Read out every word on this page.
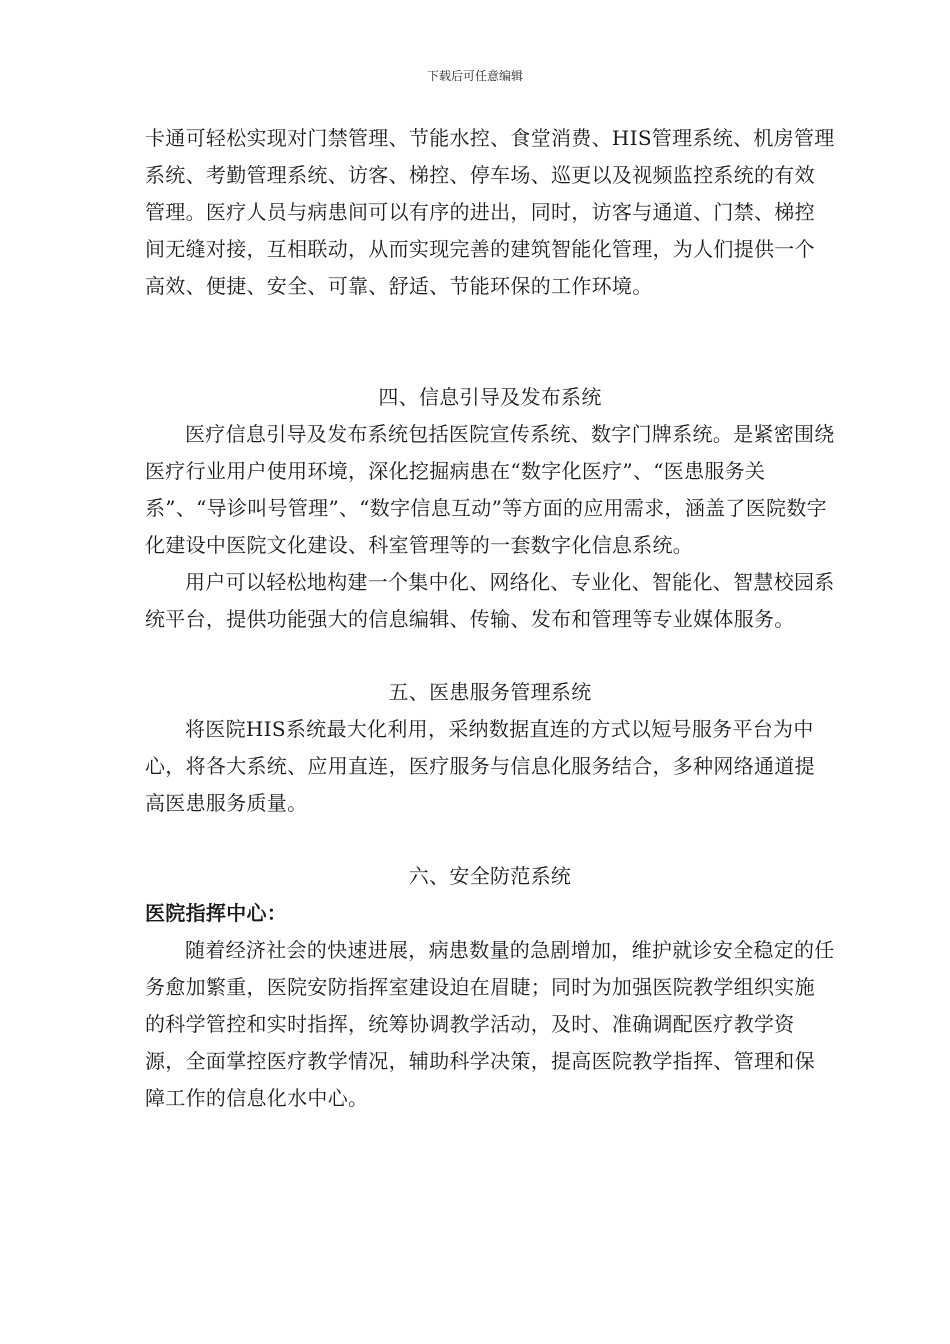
下载后可任意编辑

卡通可轻松实现对门禁管理、节能水控、食堂消费、HIS管理系统、机房管理系统、考勤管理系统、访客、梯控、停车场、巡更以及视频监控系统的有效管理。医疗人员与病患间可以有序的进出，同时，访客与通道、门禁、梯控间无缝对接，互相联动，从而实现完善的建筑智能化管理，为人们提供一个高效、便捷、安全、可靠、舒适、节能环保的工作环境。

四、信息引导及发布系统

医疗信息引导及发布系统包括医院宣传系统、数字门牌系统。是紧密围绕医疗行业用户使用环境，深化挖掘病患在“数字化医疗”、“医患服务关系”、“导诊叫号管理”、“数字信息互动”等方面的应用需求，涵盖了医院数字化建设中医院文化建设、科室管理等的一套数字化信息系统。

用户可以轻松地构建一个集中化、网络化、专业化、智能化、智慧校园系统平台，提供功能强大的信息编辑、传输、发布和管理等专业媒体服务。

五、医患服务管理系统

将医院HIS系统最大化利用，采纳数据直连的方式以短号服务平台为中心，将各大系统、应用直连，医疗服务与信息化服务结合，多种网络通道提高医患服务质量。

六、安全防范系统

医院指挥中心：

随着经济社会的快速进展，病患数量的急剧增加，维护就诊安全稳定的任务愈加繁重，医院安防指挥室建设迫在眉睫；同时为加强医院教学组织实施的科学管控和实时指挥，统筹协调教学活动，及时、准确调配医疗教学资源，全面掌控医疗教学情况，辅助科学决策，提高医院教学指挥、管理和保障工作的信息化水中心。
